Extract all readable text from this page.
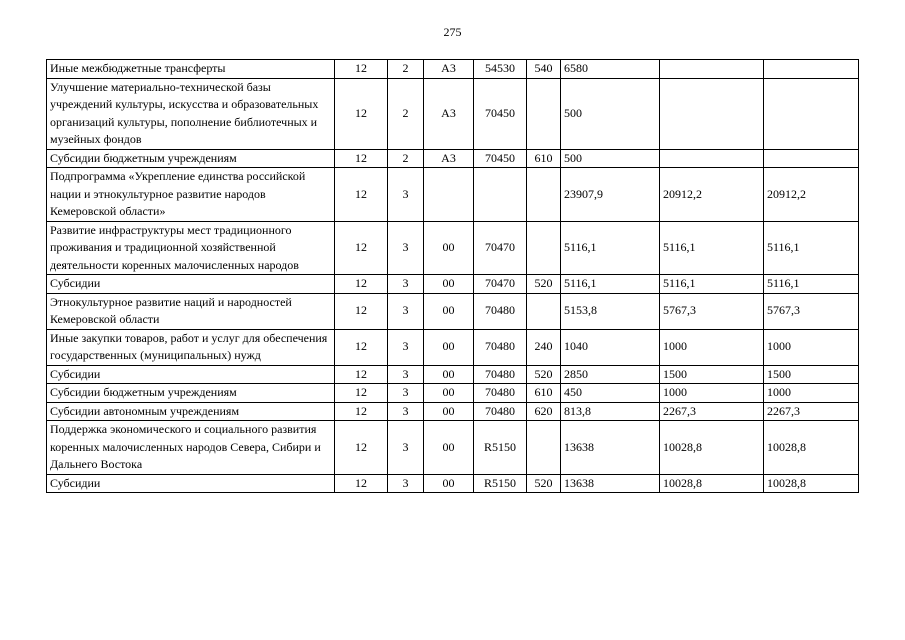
275
Иные межбюджетные трансферты	12	2	А3	54530	540	6580		
Улучшение материально-технической базы учреждений культуры, искусства и образовательных организаций культуры, пополнение библиотечных и музейных фондов	12	2	А3	70450		500		
Субсидии бюджетным учреждениям	12	2	А3	70450	610	500		
Подпрограмма «Укрепление единства российской нации и этнокультурное развитие народов Кемеровской области»	12	3				23907,9	20912,2	20912,2
Развитие инфраструктуры мест традиционного проживания и традиционной хозяйственной деятельности коренных малочисленных народов	12	3	00	70470		5116,1	5116,1	5116,1
Субсидии	12	3	00	70470	520	5116,1	5116,1	5116,1
Этнокультурное развитие наций и народностей Кемеровской области	12	3	00	70480		5153,8	5767,3	5767,3
Иные закупки товаров, работ и услуг для обеспечения государственных (муниципальных) нужд	12	3	00	70480	240	1040	1000	1000
Субсидии	12	3	00	70480	520	2850	1500	1500
Субсидии бюджетным учреждениям	12	3	00	70480	610	450	1000	1000
Субсидии автономным учреждениям	12	3	00	70480	620	813,8	2267,3	2267,3
Поддержка экономического и социального развития коренных малочисленных народов Севера, Сибири и Дальнего Востока	12	3	00	R5150		13638	10028,8	10028,8
Субсидии	12	3	00	R5150	520	13638	10028,8	10028,8
